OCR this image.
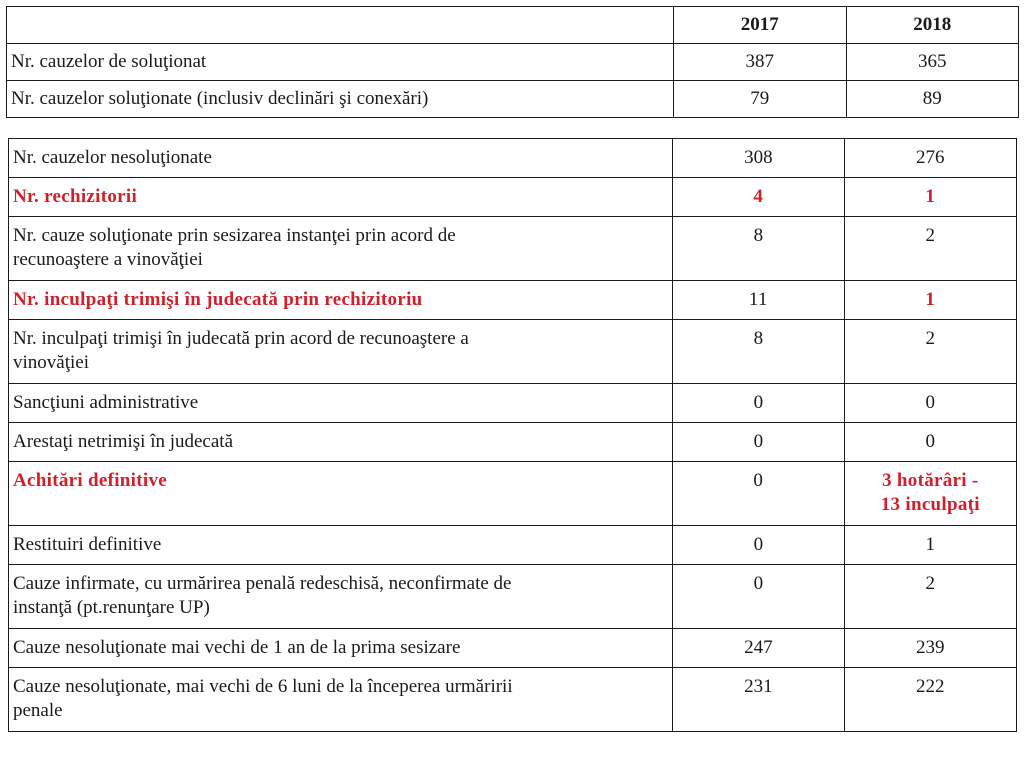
	2017	2018
Nr. cauzelor de soluţionat	387	365
Nr. cauzelor soluţionate (inclusiv declinări şi conexări)	79	89
Nr. cauzelor nesoluţionate	308	276
Nr. rechizitorii	4	1
Nr. cauze soluţionate prin sesizarea instanţei prin acord de
recunoaştere a vinovăţiei	8	2
Nr. inculpaţi trimişi în judecată prin rechizitoriu	11	1
Nr. inculpaţi trimişi în judecată prin acord de recunoaştere a
vinovăţiei	8	2
Sancţiuni administrative	0	0
Arestaţi netrimişi în judecată	0	0
Achitări definitive	0	3 hotărâri -
13 inculpaţi
Restituiri definitive	0	1
Cauze infirmate, cu urmărirea penală redeschisă, neconfirmate de
instanţă (pt.renunţare UP)	0	2
Cauze nesoluţionate mai vechi de 1 an de la prima sesizare	247	239
Cauze nesoluţionate, mai vechi de 6 luni de la începerea urmăririi
penale	231	222
